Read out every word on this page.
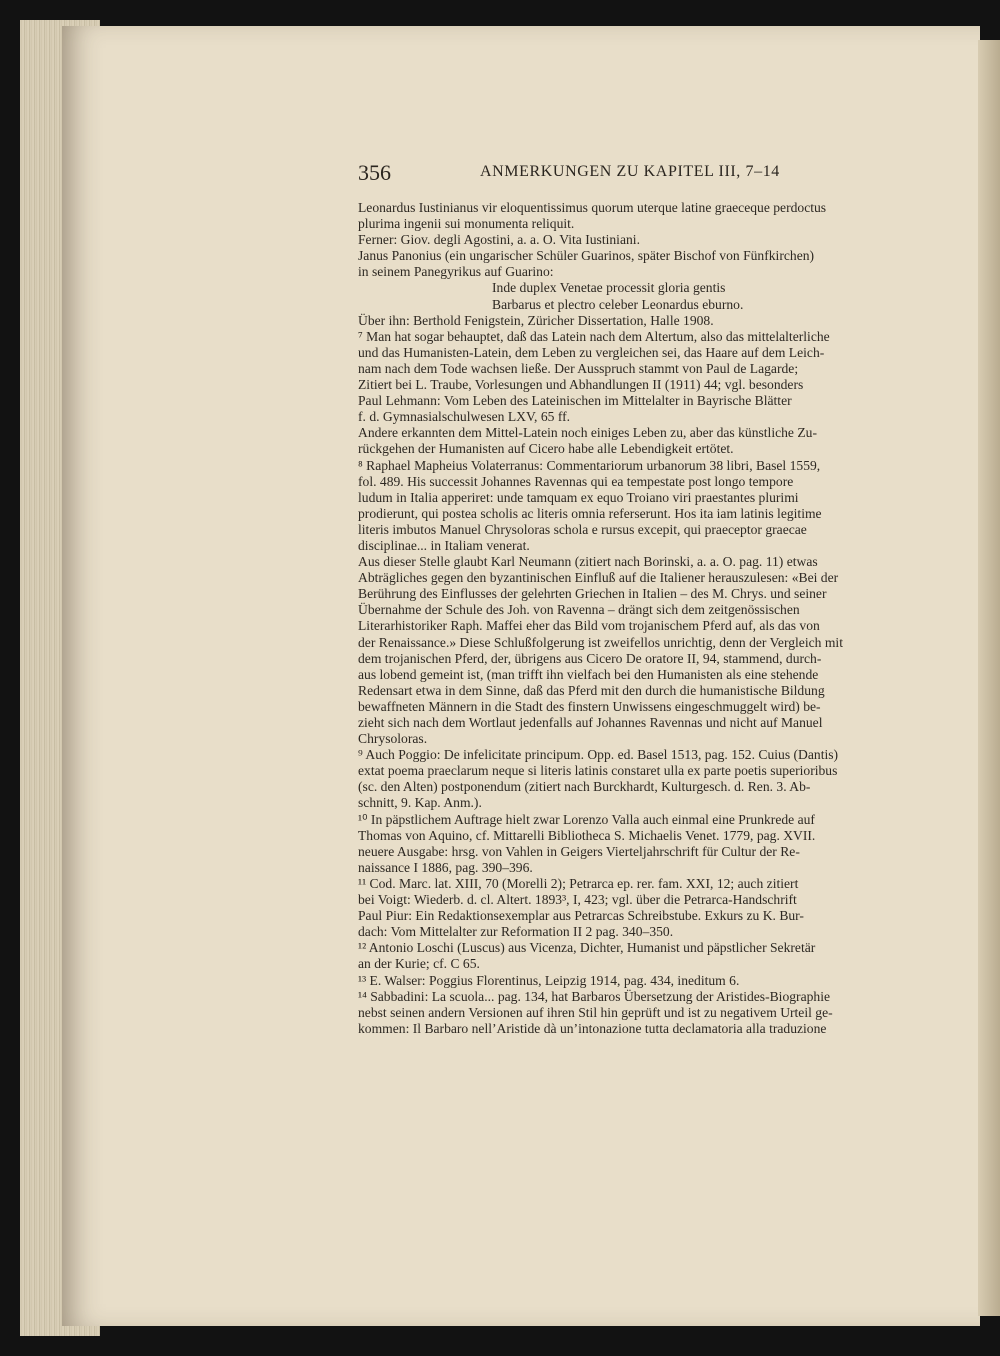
356	ANMERKUNGEN ZU KAPITEL III, 7–14
Leonardus Iustinianus vir eloquentissimus quorum uterque latine graeceque perdoctus
plurima ingenii sui monumenta reliquit.
Ferner: Giov. degli Agostini, a. a. O. Vita Iustiniani.
Janus Panonius (ein ungarischer Schüler Guarinos, später Bischof von Fünfkirchen)
in seinem Panegyrikus auf Guarino:
Inde duplex Venetae processit gloria gentis
Barbarus et plectro celeber Leonardus eburno.
Über ihn: Berthold Fenigstein, Züricher Dissertation, Halle 1908.
⁷ Man hat sogar behauptet, daß das Latein nach dem Altertum, also das mittelalterliche
und das Humanisten-Latein, dem Leben zu vergleichen sei, das Haare auf dem Leich-
nam nach dem Tode wachsen ließe. Der Ausspruch stammt von Paul de Lagarde;
Zitiert bei L. Traube, Vorlesungen und Abhandlungen II (1911) 44; vgl. besonders
Paul Lehmann: Vom Leben des Lateinischen im Mittelalter in Bayrische Blätter
f. d. Gymnasialschulwesen LXV, 65 ff.
Andere erkannten dem Mittel-Latein noch einiges Leben zu, aber das künstliche Zu-
rückgehen der Humanisten auf Cicero habe alle Lebendigkeit ertötet.
⁸ Raphael Mapheius Volaterranus: Commentariorum urbanorum 38 libri, Basel 1559,
fol. 489. His successit Johannes Ravennas qui ea tempestate post longo tempore
ludum in Italia apperiret: unde tamquam ex equo Troiano viri praestantes plurimi
prodierunt, qui postea scholis ac literis omnia referserunt. Hos ita iam latinis legitime
literis imbutos Manuel Chrysoloras schola e rursus excepit, qui praeceptor graecae
disciplinae... in Italiam venerat.
Aus dieser Stelle glaubt Karl Neumann (zitiert nach Borinski, a. a. O. pag. 11) etwas
Abträgliches gegen den byzantinischen Einfluß auf die Italiener herauszulesen: «Bei der
Berührung des Einflusses der gelehrten Griechen in Italien – des M. Chrys. und seiner
Übernahme der Schule des Joh. von Ravenna – drängt sich dem zeitgenössischen
Literarhistoriker Raph. Maffei eher das Bild vom trojanischem Pferd auf, als das von
der Renaissance.» Diese Schlußfolgerung ist zweifellos unrichtig, denn der Vergleich mit
dem trojanischen Pferd, der, übrigens aus Cicero De oratore II, 94, stammend, durch-
aus lobend gemeint ist, (man trifft ihn vielfach bei den Humanisten als eine stehende
Redensart etwa in dem Sinne, daß das Pferd mit den durch die humanistische Bildung
bewaffneten Männern in die Stadt des finstern Unwissens eingeschmuggelt wird) be-
zieht sich nach dem Wortlaut jedenfalls auf Johannes Ravennas und nicht auf Manuel
Chrysoloras.
⁹ Auch Poggio: De infelicitate principum. Opp. ed. Basel 1513, pag. 152. Cuius (Dantis)
extat poema praeclarum neque si literis latinis constaret ulla ex parte poetis superioribus
(sc. den Alten) postponendum (zitiert nach Burckhardt, Kulturgesch. d. Ren. 3. Ab-
schnitt, 9. Kap. Anm.).
¹⁰ In päpstlichem Auftrage hielt zwar Lorenzo Valla auch einmal eine Prunkrede auf
Thomas von Aquino, cf. Mittarelli Bibliotheca S. Michaelis Venet. 1779, pag. XVII.
neuere Ausgabe: hrsg. von Vahlen in Geigers Vierteljahrschrift für Cultur der Re-
naissance I 1886, pag. 390–396.
¹¹ Cod. Marc. lat. XIII, 70 (Morelli 2); Petrarca ep. rer. fam. XXI, 12; auch zitiert
bei Voigt: Wiederb. d. cl. Altert. 1893³, I, 423; vgl. über die Petrarca-Handschrift
Paul Piur: Ein Redaktionsexemplar aus Petrarcas Schreibstube. Exkurs zu K. Bur-
dach: Vom Mittelalter zur Reformation II 2 pag. 340–350.
¹² Antonio Loschi (Luscus) aus Vicenza, Dichter, Humanist und päpstlicher Sekretär
an der Kurie; cf. C 65.
¹³ E. Walser: Poggius Florentinus, Leipzig 1914, pag. 434, ineditum 6.
¹⁴ Sabbadini: La scuola... pag. 134, hat Barbaros Übersetzung der Aristides-Biographie
nebst seinen andern Versionen auf ihren Stil hin geprüft und ist zu negativem Urteil ge-
kommen: Il Barbaro nell’Aristide dà un’intonazione tutta declamatoria alla traduzione
